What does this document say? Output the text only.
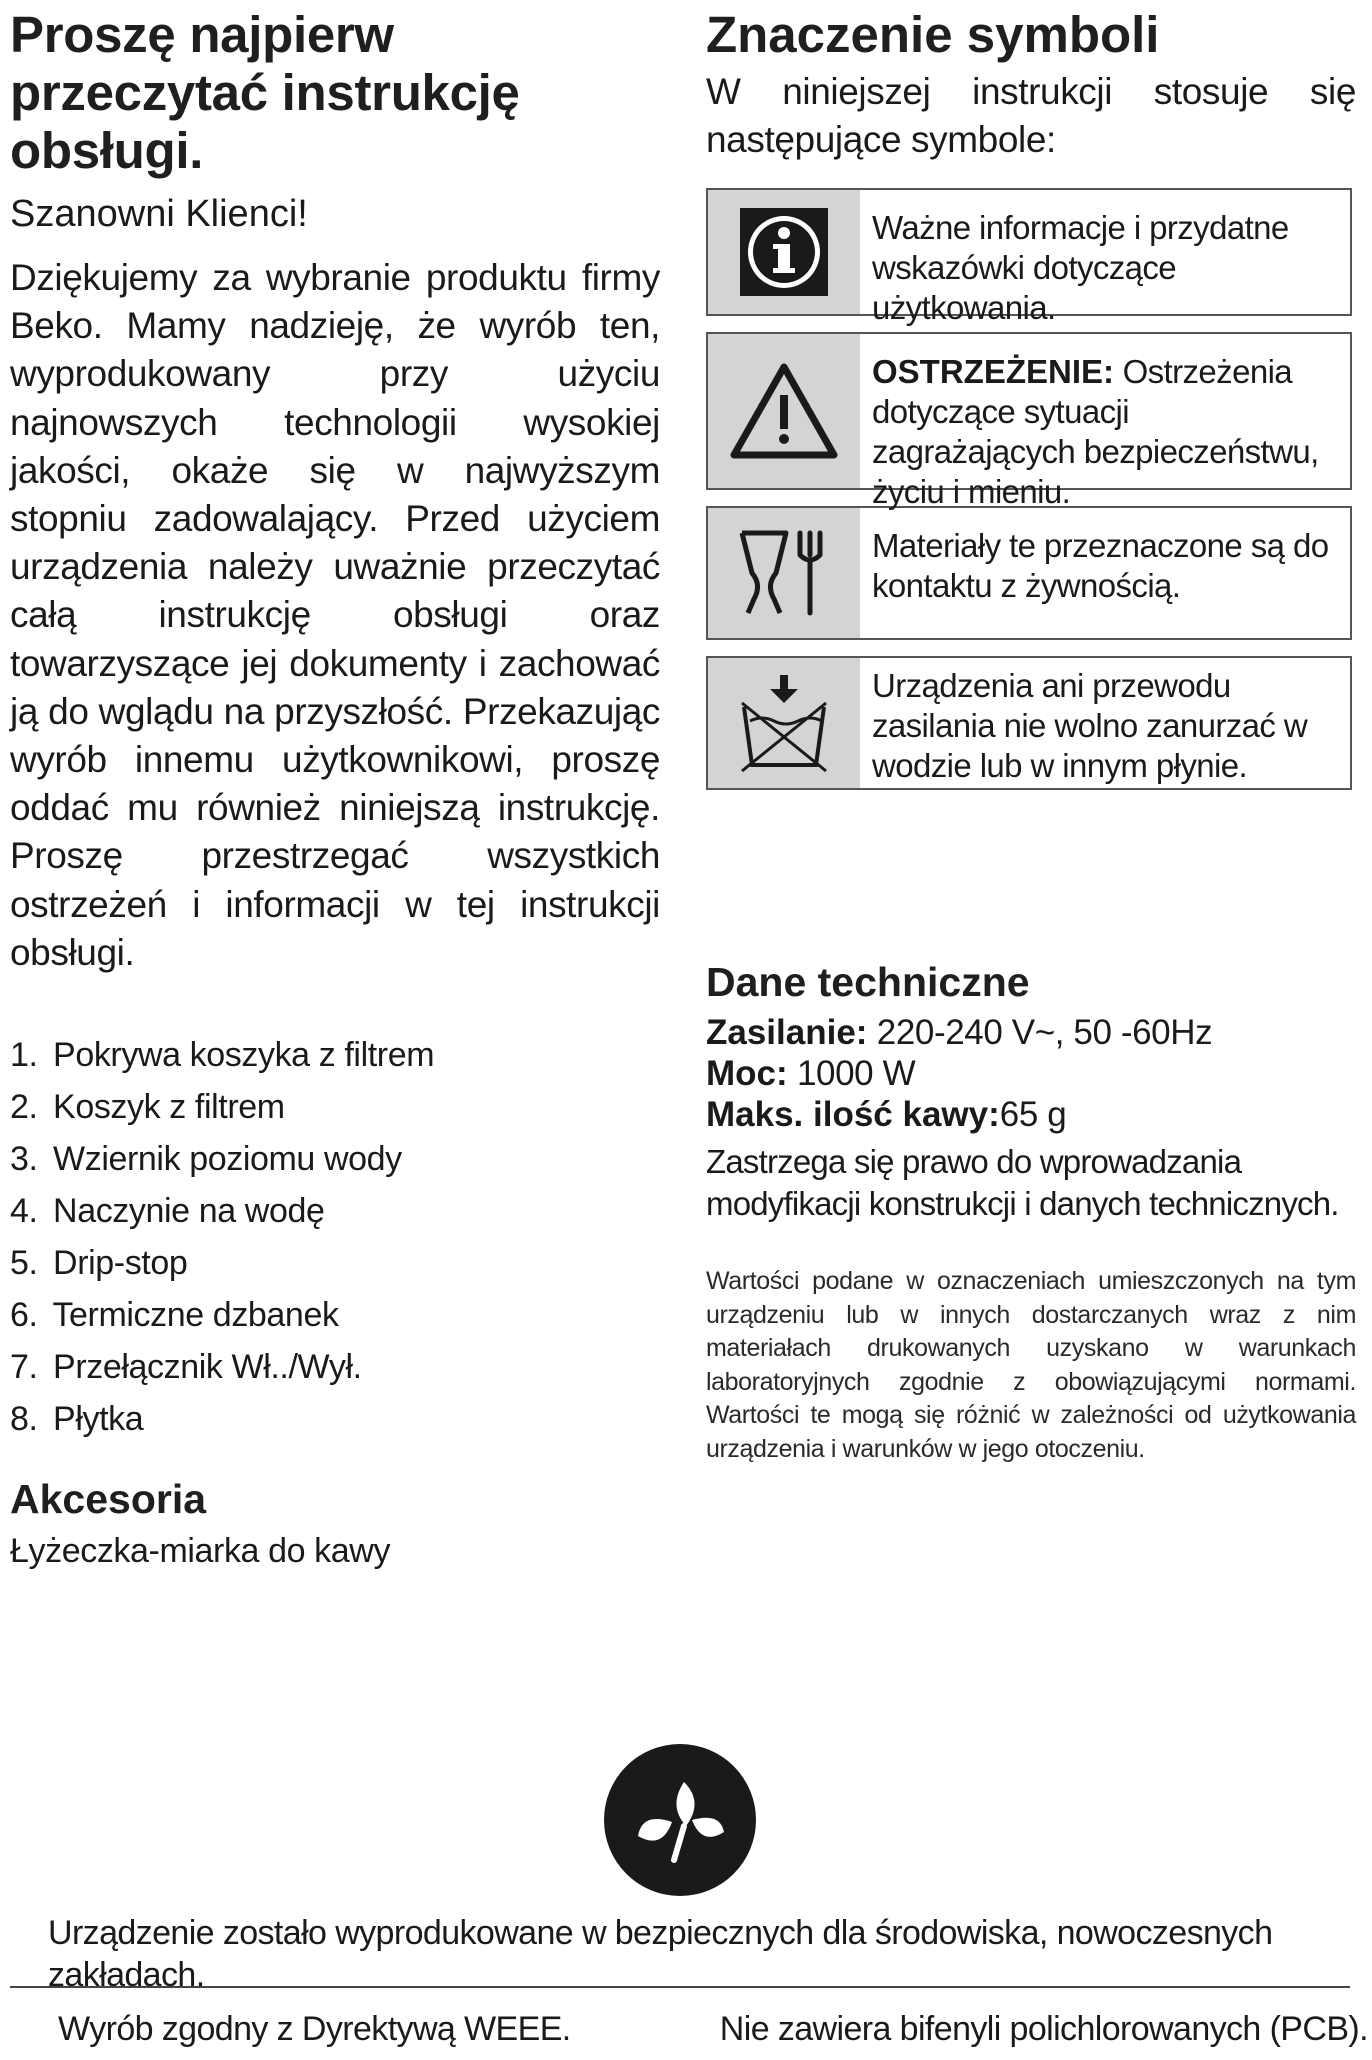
Proszę najpierw przeczytać instrukcję obsługi.

Szanowni Klienci!

Dziękujemy za wybranie produktu firmy Beko. Mamy nadzieję, że wyrób ten, wyprodukowany przy użyciu najnowszych technologii wysokiej jakości, okaże się w najwyższym stopniu zadowalający. Przed użyciem urządzenia należy uważnie przeczytać całą instrukcję obsługi oraz towarzyszące jej dokumenty i zachować ją do wglądu na przyszłość. Przekazując wyrób innemu użytkownikowi, proszę oddać mu również niniejszą instrukcję. Proszę przestrzegać wszystkich ostrzeżeń i informacji w tej instrukcji obsługi.

1. Pokrywa koszyka z filtrem
2. Koszyk z filtrem
3. Wziernik poziomu wody
4. Naczynie na wodę
5. Drip-stop
6. Termiczne dzbanek
7. Przełącznik Wł../Wył.
8. Płytka
Akcesoria

Łyżeczka-miarka do kawy

Znaczenie symboli

W niniejszej instrukcji stosuje się następujące symbole:

Ważne informacje i przydatne wskazówki dotyczące użytkowania.
OSTRZEŻENIE: Ostrzeżenia dotyczące sytuacji zagrażających bezpieczeństwu, życiu i mieniu.
Materiały te przeznaczone są do kontaktu z żywnością.
Urządzenia ani przewodu zasilania nie wolno zanurzać w wodzie lub w innym płynie.
Dane techniczne
Zasilanie: 220-240 V~, 50 -60Hz
Moc: 1000 W
Maks. ilość kawy:65 g

Zastrzega się prawo do wprowadzania modyfikacji konstrukcji i danych technicznych.

Wartości podane w oznaczeniach umieszczonych na tym urządzeniu lub w innych dostarczanych wraz z nim materiałach drukowanych uzyskano w warunkach laboratoryjnych zgodnie z obowiązującymi normami. Wartości te mogą się różnić w zależności od użytkowania urządzenia i warunków w jego otoczeniu.

Urządzenie zostało wyprodukowane w bezpiecznych dla środowiska, nowoczesnych zakładach.
Wyrób zgodny z Dyrektywą WEEE.	Nie zawiera bifenyli polichlorowanych (PCB).
